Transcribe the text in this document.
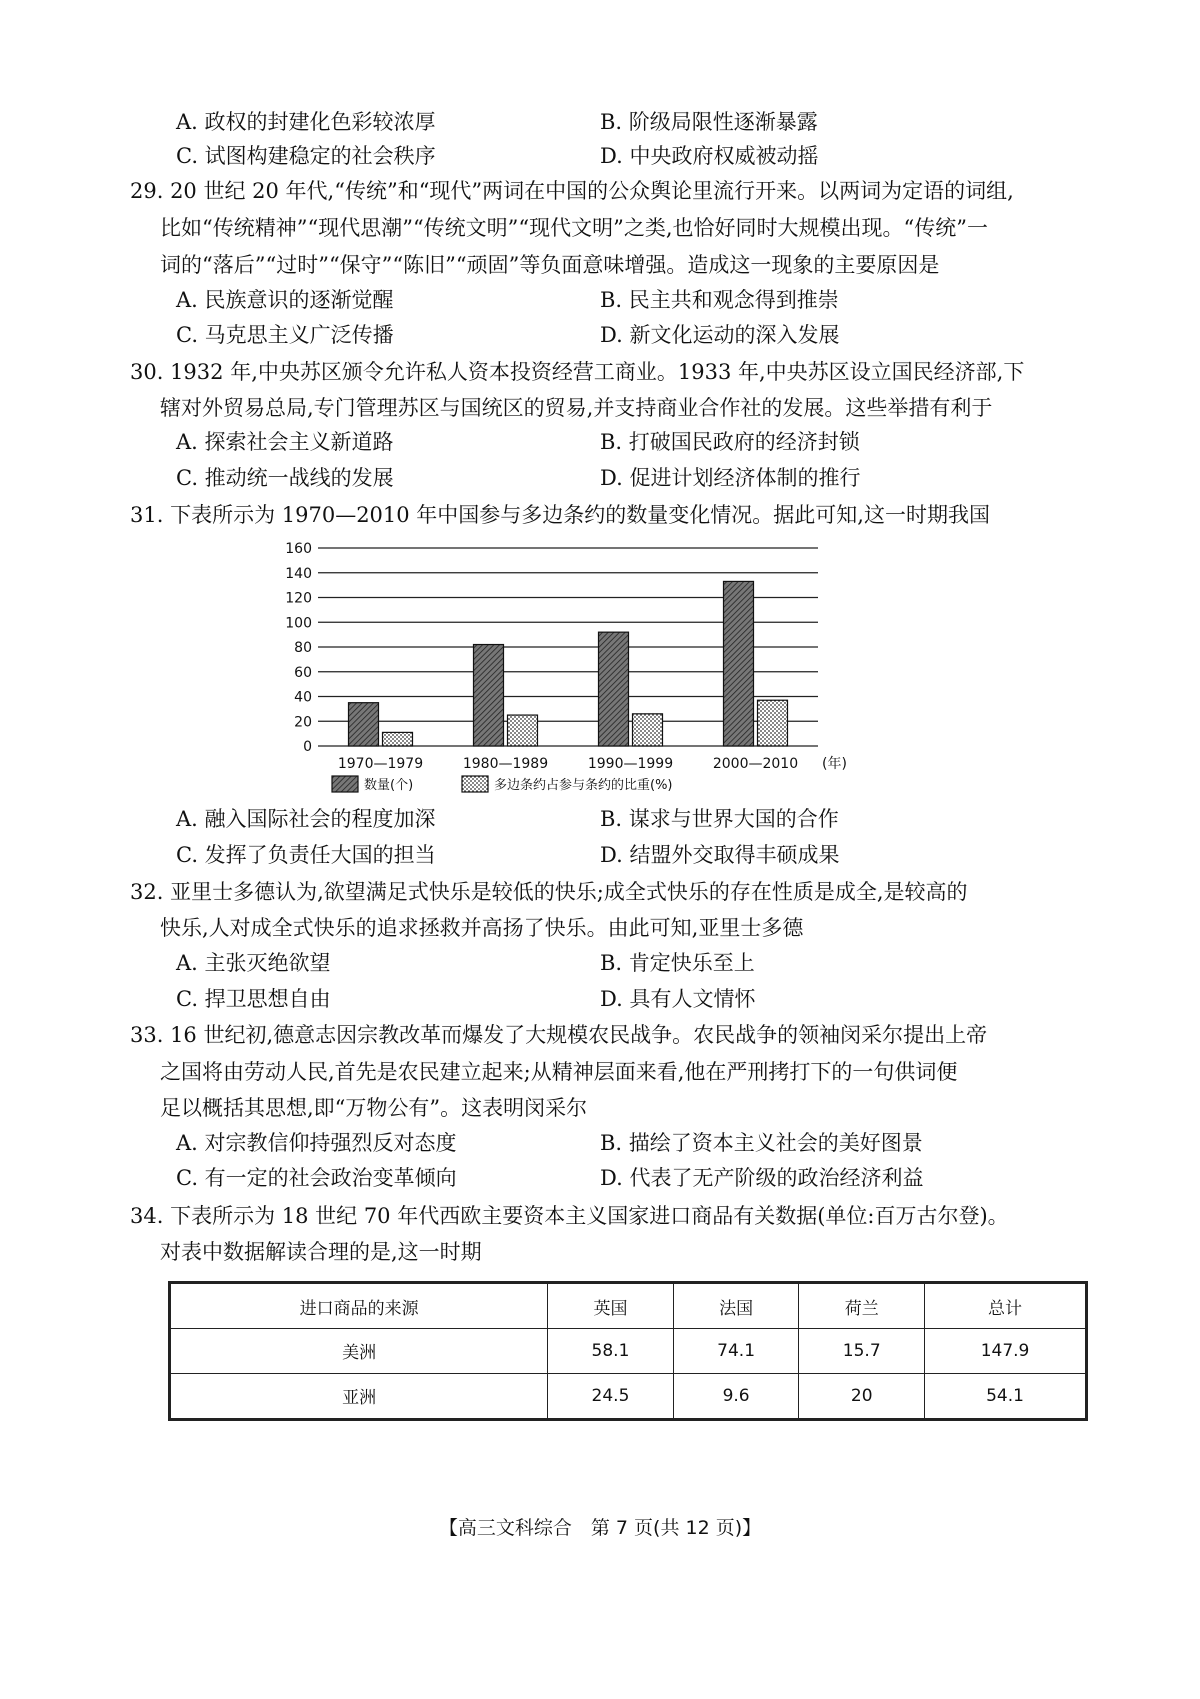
A. 政权的封建化色彩较浓厚	B. 阶级局限性逐渐暴露
C. 试图构建稳定的社会秩序	D. 中央政府权威被动摇
29. 20 世纪 20 年代,“传统”和“现代”两词在中国的公众舆论里流行开来。以两词为定语的词组,
比如“传统精神”“现代思潮”“传统文明”“现代文明”之类,也恰好同时大规模出现。“传统”一
词的“落后”“过时”“保守”“陈旧”“顽固”等负面意味增强。造成这一现象的主要原因是
A. 民族意识的逐渐觉醒	B. 民主共和观念得到推崇
C. 马克思主义广泛传播	D. 新文化运动的深入发展
30. 1932 年,中央苏区颁令允许私人资本投资经营工商业。1933 年,中央苏区设立国民经济部,下
辖对外贸易总局,专门管理苏区与国统区的贸易,并支持商业合作社的发展。这些举措有利于
A. 探索社会主义新道路	B. 打破国民政府的经济封锁
C. 推动统一战线的发展	D. 促进计划经济体制的推行
31. 下表所示为 1970—2010 年中国参与多边条约的数量变化情况。据此可知,这一时期我国
0
20
40
60
80
100
120
140
160
1970—1979	1980—1989	1990—1999	2000—2010 (年)
数量(个)	多边条约占参与条约的比重(%)
A. 融入国际社会的程度加深	B. 谋求与世界大国的合作
C. 发挥了负责任大国的担当	D. 结盟外交取得丰硕成果
32. 亚里士多德认为,欲望满足式快乐是较低的快乐;成全式快乐的存在性质是成全,是较高的
快乐,人对成全式快乐的追求拯救并高扬了快乐。由此可知,亚里士多德
A. 主张灭绝欲望	B. 肯定快乐至上
C. 捍卫思想自由	D. 具有人文情怀
33. 16 世纪初,德意志因宗教改革而爆发了大规模农民战争。农民战争的领袖闵采尔提出上帝
之国将由劳动人民,首先是农民建立起来;从精神层面来看,他在严刑拷打下的一句供词便
足以概括其思想,即“万物公有”。这表明闵采尔
A. 对宗教信仰持强烈反对态度	B. 描绘了资本主义社会的美好图景
C. 有一定的社会政治变革倾向	D. 代表了无产阶级的政治经济利益
34. 下表所示为 18 世纪 70 年代西欧主要资本主义国家进口商品有关数据(单位:百万古尔登)。
对表中数据解读合理的是,这一时期
进口商品的来源	英国	法国	荷兰	总计
美洲	58.1	74.1	15.7	147.9
亚洲	24.5	9.6	20	54.1
【高三文科综合　第 7 页(共 12 页)】
